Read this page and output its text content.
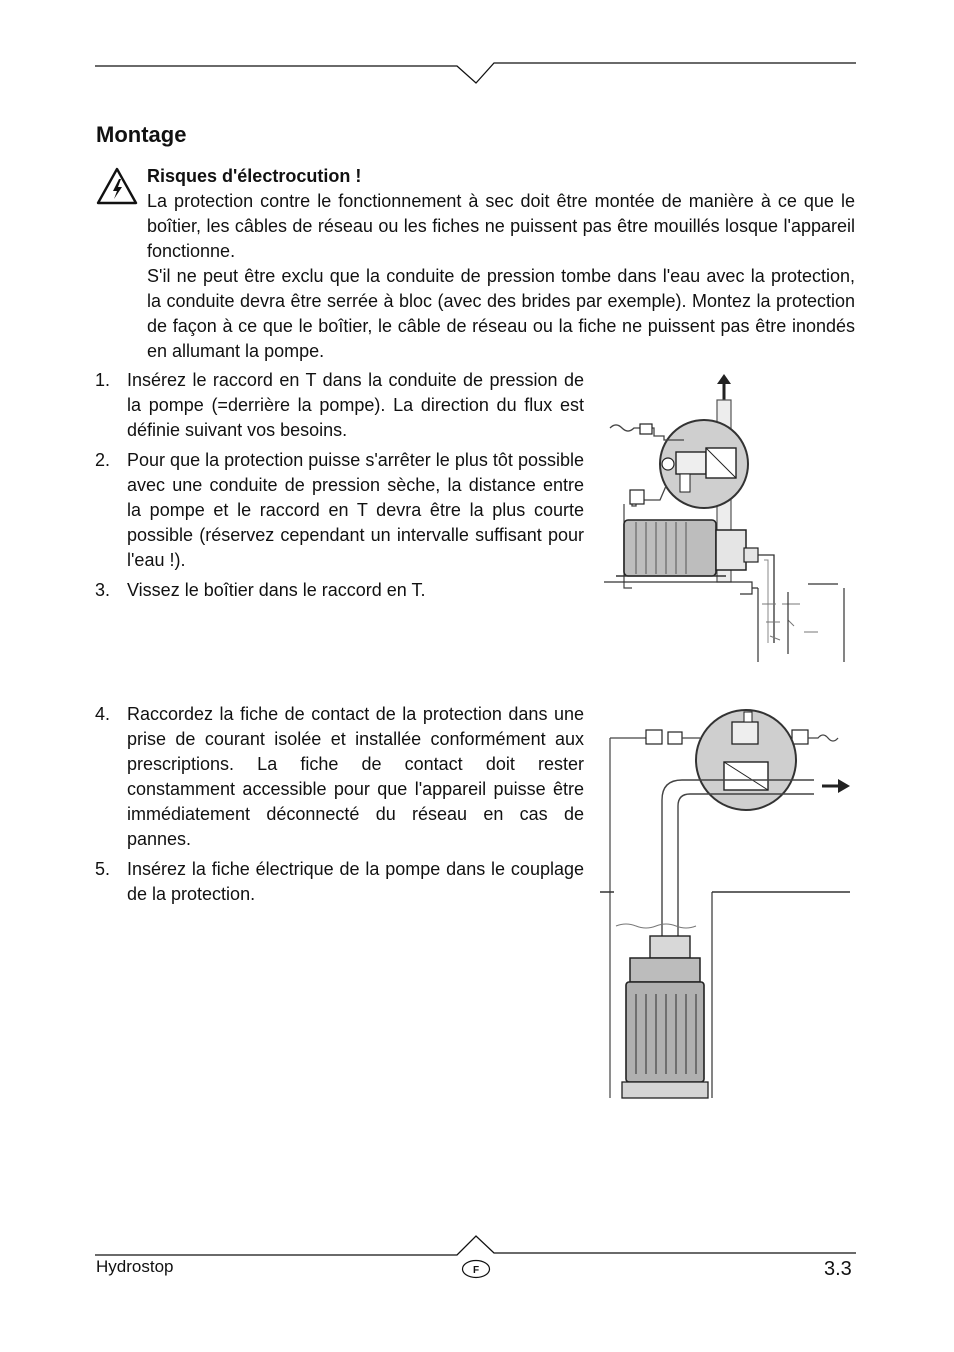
Montage
Risques d'électrocution !

La protection contre le fonctionnement à sec doit être montée de manière à ce que le boîtier, les câbles de réseau ou les fiches ne puissent pas être mouillés losque l'appareil fonctionne.

S'il ne peut être exclu que la conduite de pression tombe dans l'eau avec la protection, la conduite devra être serrée à bloc (avec des brides par exemple). Montez la protection de façon à ce que le boîtier, le câble de réseau ou la fiche ne puissent pas être inondés en allumant la pompe.

1. Insérez le raccord en T dans la conduite de pression de la pompe (=derrière la pompe). La direction du flux est définie suivant vos besoins.
2. Pour que la protection puisse s'arrêter le plus tôt possible avec une conduite de pression sèche, la distance entre la pompe et le raccord en T devra être la plus courte possible (réservez cependant un intervalle suffisant pour l'eau !).
3. Vissez le boîtier dans le raccord en T.
4. Raccordez la fiche de contact de la protection dans une prise de courant isolée et installée conformément aux prescriptions. La fiche de contact doit rester constamment accessible pour que l'appareil puisse être immédiatement déconnecté du réseau en cas de pannes.
5. Insérez la fiche électrique de la pompe dans le couplage de la protection.
Hydrostop	F	3.3
